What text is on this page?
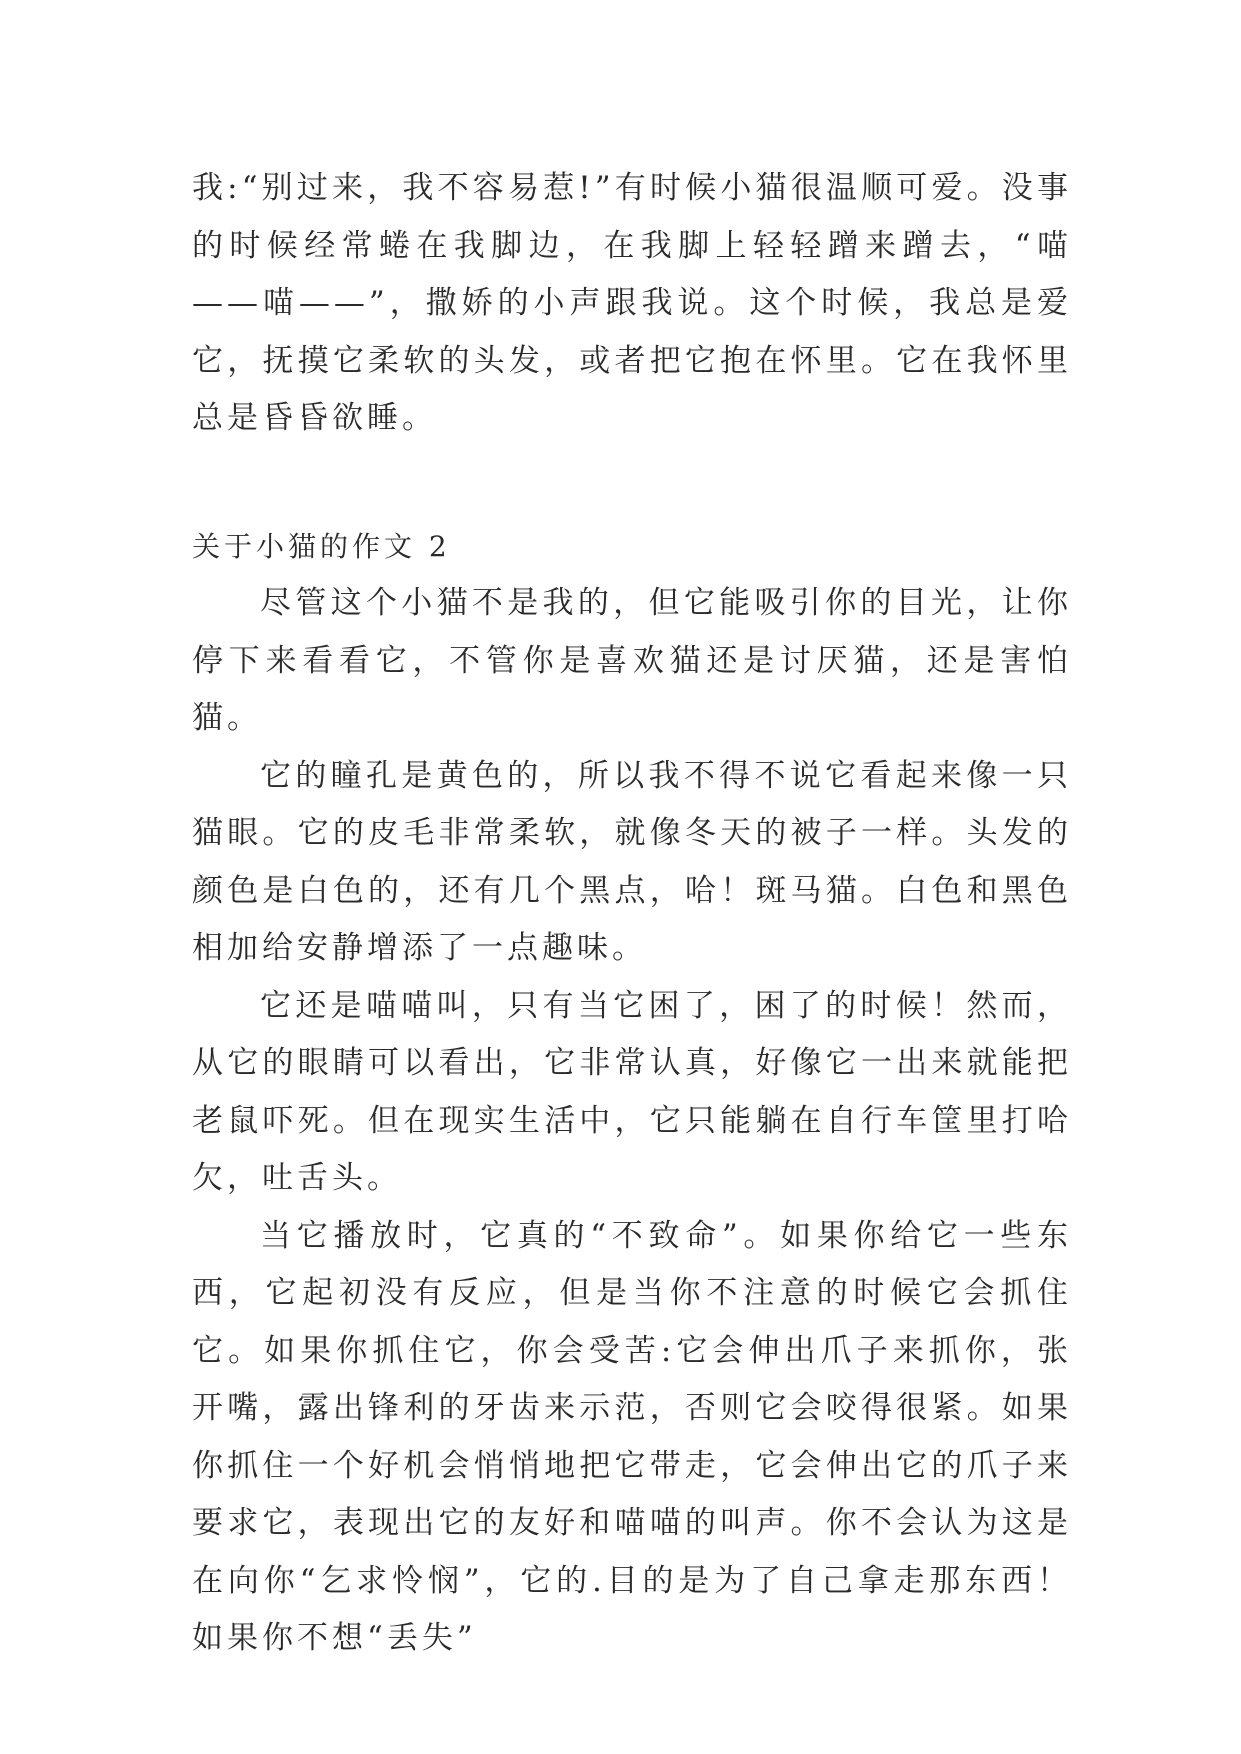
我:“别过来，我不容易惹!”有时候小猫很温顺可爱。没事的时候经常蜷在我脚边，在我脚上轻轻蹭来蹭去，“喵——喵——”，撒娇的小声跟我说。这个时候，我总是爱它，抚摸它柔软的头发，或者把它抱在怀里。它在我怀里总是昏昏欲睡。

关于小猫的作文 2

尽管这个小猫不是我的，但它能吸引你的目光，让你停下来看看它，不管你是喜欢猫还是讨厌猫，还是害怕猫。

它的瞳孔是黄色的，所以我不得不说它看起来像一只猫眼。它的皮毛非常柔软，就像冬天的被子一样。头发的颜色是白色的，还有几个黑点，哈！斑马猫。白色和黑色相加给安静增添了一点趣味。

它还是喵喵叫，只有当它困了，困了的时候！然而，从它的眼睛可以看出，它非常认真，好像它一出来就能把老鼠吓死。但在现实生活中，它只能躺在自行车筐里打哈欠，吐舌头。

当它播放时，它真的“不致命”。如果你给它一些东西，它起初没有反应，但是当你不注意的时候它会抓住它。如果你抓住它，你会受苦:它会伸出爪子来抓你，张开嘴，露出锋利的牙齿来示范，否则它会咬得很紧。如果你抓住一个好机会悄悄地把它带走，它会伸出它的爪子来要求它，表现出它的友好和喵喵的叫声。你不会认为这是在向你“乞求怜悯”，它的.目的是为了自己拿走那东西！如果你不想“丢失”
